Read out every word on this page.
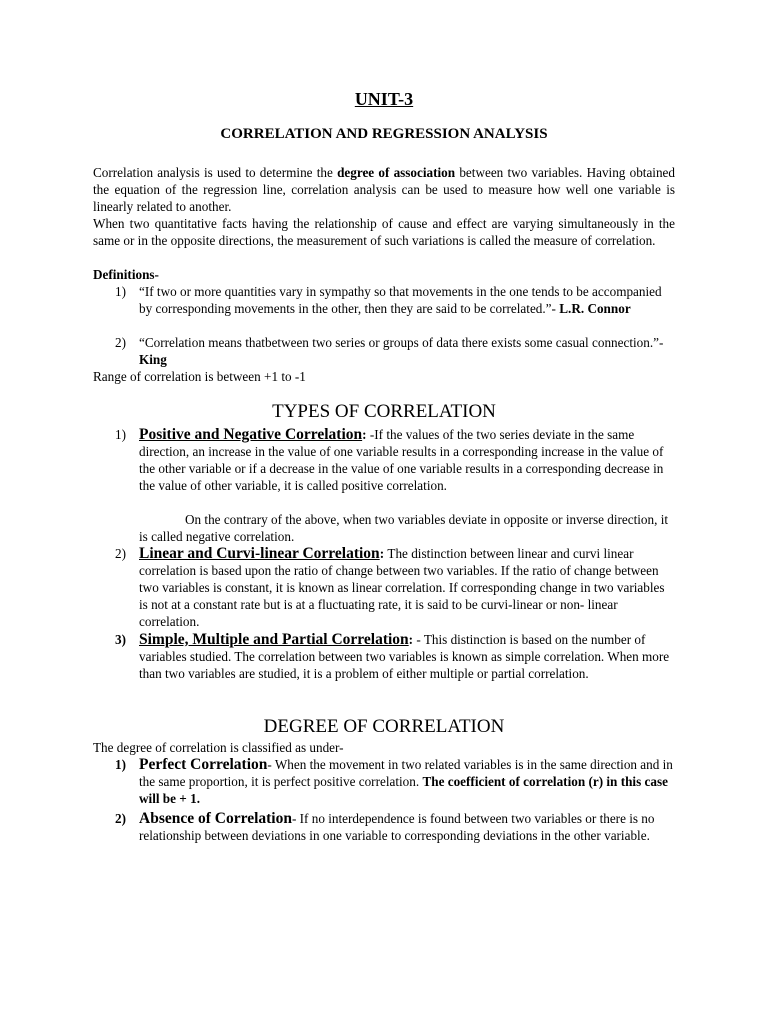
UNIT-3
CORRELATION AND REGRESSION ANALYSIS
Correlation analysis is used to determine the degree of association between two variables. Having obtained the equation of the regression line, correlation analysis can be used to measure how well one variable is linearly related to another.
When two quantitative facts having the relationship of cause and effect are varying simultaneously in the same or in the opposite directions, the measurement of such variations is called the measure of correlation.
Definitions-
1) “If two or more quantities vary in sympathy so that movements in the one tends to be accompanied by corresponding movements in the other, then they are said to be correlated.”- L.R. Connor
2) “Correlation means thatbetween two series or groups of data there exists some casual connection.”- King
Range of correlation is between +1 to -1
TYPES OF CORRELATION
1) Positive and Negative Correlation: -If the values of the two series deviate in the same direction, an increase in the value of one variable results in a corresponding increase in the value of the other variable or if a decrease in the value of one variable results in a corresponding decrease in the value of other variable, it is called positive correlation.
On the contrary of the above, when two variables deviate in opposite or inverse direction, it is called negative correlation.
2) Linear and Curvi-linear Correlation: The distinction between linear and curvi linear correlation is based upon the ratio of change between two variables. If the ratio of change between two variables is constant, it is known as linear correlation. If corresponding change in two variables is not at a constant rate but is at a fluctuating rate, it is said to be curvi-linear or non- linear correlation.
3) Simple, Multiple and Partial Correlation: - This distinction is based on the number of variables studied. The correlation between two variables is known as simple correlation. When more than two variables are studied, it is a problem of either multiple or partial correlation.
DEGREE OF CORRELATION
The degree of correlation is classified as under-
1) Perfect Correlation- When the movement in two related variables is in the same direction and in the same proportion, it is perfect positive correlation. The coefficient of correlation (r) in this case will be + 1.
2) Absence of Correlation- If no interdependence is found between two variables or there is no relationship between deviations in one variable to corresponding deviations in the other variable.
